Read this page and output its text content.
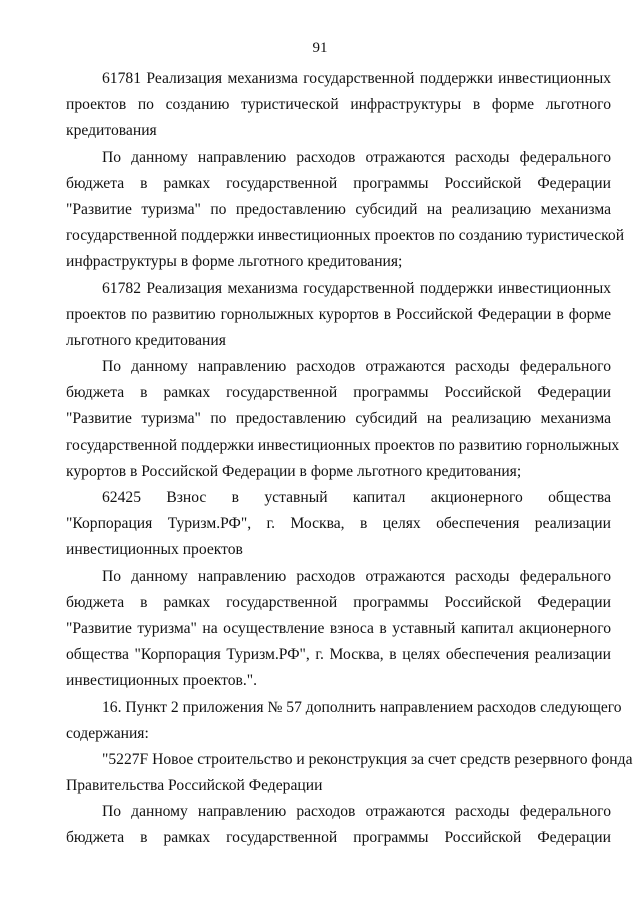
91
61781 Реализация механизма государственной поддержки инвестиционных
проектов по созданию туристической инфраструктуры в форме льготного
кредитования
По данному направлению расходов отражаются расходы федерального
бюджета в рамках государственной программы Российской Федерации
"Развитие туризма" по предоставлению субсидий на реализацию механизма
государственной поддержки инвестиционных проектов по созданию туристической
инфраструктуры в форме льготного кредитования;
61782 Реализация механизма государственной поддержки инвестиционных
проектов по развитию горнолыжных курортов в Российской Федерации в форме
льготного кредитования
По данному направлению расходов отражаются расходы федерального
бюджета в рамках государственной программы Российской Федерации
"Развитие туризма" по предоставлению субсидий на реализацию механизма
государственной поддержки инвестиционных проектов по развитию горнолыжных
курортов в Российской Федерации в форме льготного кредитования;
62425 Взнос в уставный капитал акционерного общества
"Корпорация Туризм.РФ", г. Москва, в целях обеспечения реализации
инвестиционных проектов
По данному направлению расходов отражаются расходы федерального
бюджета в рамках государственной программы Российской Федерации
"Развитие туризма" на осуществление взноса в уставный капитал акционерного
общества "Корпорация Туризм.РФ", г. Москва, в целях обеспечения реализации
инвестиционных проектов.".
16. Пункт 2 приложения № 57 дополнить направлением расходов следующего
содержания:
"5227F Новое строительство и реконструкция за счет средств резервного фонда
Правительства Российской Федерации
По данному направлению расходов отражаются расходы федерального
бюджета в рамках государственной программы Российской Федерации
